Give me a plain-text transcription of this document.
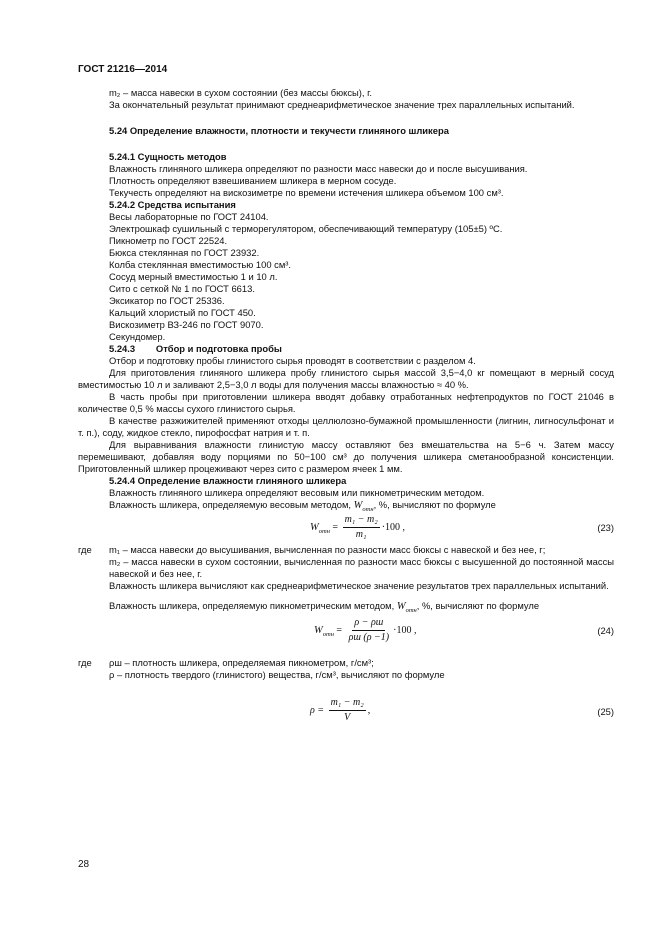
ГОСТ 21216—2014

m₂ – масса навески в сухом состоянии (без массы бюксы), г.

За окончательный результат принимают среднеарифметическое значение трех параллельных испытаний.

5.24 Определение влажности, плотности и текучести глиняного шликера

5.24.1 Сущность методов

Влажность глиняного шликера определяют по разности масс навески до и после высушивания.

Плотность определяют взвешиванием шликера в мерном сосуде.

Текучесть определяют на вискозиметре по времени истечения шликера объемом 100 см³.

5.24.2 Средства испытания

Весы лабораторные по ГОСТ 24104.

Электрошкаф сушильный с терморегулятором, обеспечивающий температуру (105±5) ºС.

Пикнометр по ГОСТ 22524.

Бюкса стеклянная по ГОСТ 23932.

Колба стеклянная вместимостью 100 см³.

Сосуд мерный вместимостью 1 и 10 л.

Сито с сеткой № 1 по ГОСТ 6613.

Эксикатор по ГОСТ 25336.

Кальций хлористый по ГОСТ 450.

Вискозиметр ВЗ-246 по ГОСТ 9070.

Секундомер.

5.24.3        Отбор и подготовка пробы

Отбор и подготовку пробы глинистого сырья проводят в соответствии с разделом 4.

Для приготовления глиняного шликера пробу глинистого сырья массой 3,5−4,0 кг помещают в мерный сосуд вместимостью 10 л и заливают 2,5−3,0 л воды для получения массы влажностью ≈ 40 %.

В часть пробы при приготовлении шликера вводят добавку отработанных нефтепродуктов по ГОСТ 21046 в количестве 0,5 % массы сухого глинистого сырья.

В качестве разжижителей применяют отходы целлюлозно-бумажной промышленности (лигнин, лигносульфонат и т. п.), соду, жидкое стекло, пирофосфат натрия и т. п.

Для выравнивания влажности глинистую массу оставляют без вмешательства на 5−6 ч. Затем массу перемешивают, добавляя воду порциями по 50−100 см³ до получения шликера сметанообразной консистенции. Приготовленный шликер процеживают через сито с размером ячеек 1 мм.

5.24.4 Определение влажности глиняного шликера

Влажность глиняного шликера определяют весовым или пикнометрическим методом.

Влажность шликера, определяемую весовым методом, $W_{отн}$, %, вычисляют по формуле

$W_{отн} = \frac{\text{m₁ − m₂}}{\text{m₁}} \cdot 100$ ,	(23)
где	m₁ – масса навески до высушивания, вычисленная по разности масс бюксы с навеской и без нее, г;
m₂ – масса навески в сухом состоянии, вычисленная по разности масс бюксы с высушенной до постоянной массы навеской и без нее, г.

Влажность шликера вычисляют как среднеарифметическое значение результатов трех параллельных испытаний.

Влажность шликера, определяемую пикнометрическим методом, $W_{отн}$, %, вычисляют по формуле

$W_{отн} = \frac{\rho - \rho ш}{\rho ш (\rho -1)} \cdot 100$ ,	(24)
где	ρш – плотность шликера, определяемая пикнометром, г/см³;
ρ – плотность твердого (глинистого) вещества, г/см³, вычисляют по формуле
ρ =
$\frac{\text{m₁ − m₂}}{V}$ ,	(25)
28
